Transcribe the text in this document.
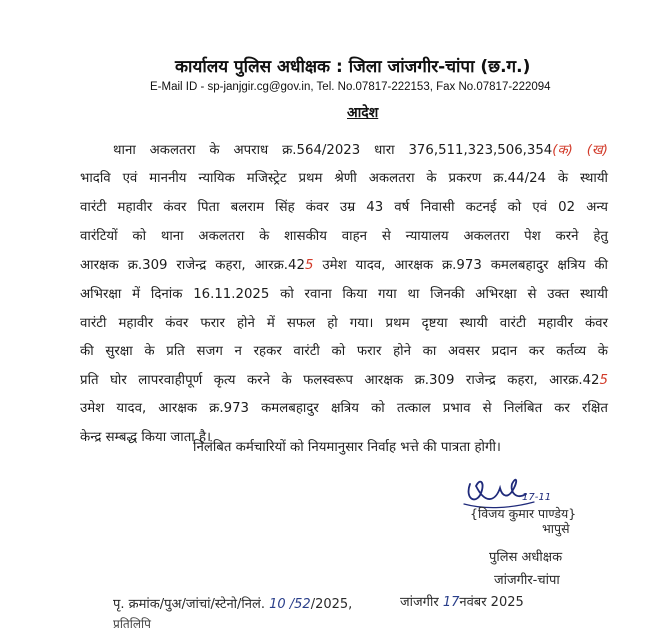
कार्यालय पुलिस अधीक्षक : जिला जांजगीर-चांपा (छ.ग.)
E-Mail ID - sp-janjgir.cg@gov.in, Tel. No.07817-222153, Fax No.07817-222094
आदेश
थाना अकलतरा के अपराध क्र.564/2023 धारा 376,511,323,506,354(क) (ख)
भादवि एवं माननीय न्यायिक मजिस्ट्रेट प्रथम श्रेणी अकलतरा के प्रकरण क्र.44/24 के स्थायी
वारंटी महावीर कंवर पिता बलराम सिंह कंवर उम्र 43 वर्ष निवासी कटनई को एवं 02 अन्य
वारंटियों को थाना अकलतरा के शासकीय वाहन से न्यायालय अकलतरा पेश करने हेतु
आरक्षक क्र.309 राजेन्द्र कहरा, आरक्र.425 उमेश यादव, आरक्षक क्र.973 कमलबहादुर क्षत्रिय की
अभिरक्षा में दिनांक 16.11.2025 को रवाना किया गया था जिनकी अभिरक्षा से उक्त स्थायी
वारंटी महावीर कंवर फरार होने में सफल हो गया। प्रथम दृष्टया स्थायी वारंटी महावीर कंवर
की सुरक्षा के प्रति सजग न रहकर वारंटी को फरार होने का अवसर प्रदान कर कर्तव्य के
प्रति घोर लापरवाहीपूर्ण कृत्य करने के फलस्वरूप आरक्षक क्र.309 राजेन्द्र कहरा, आरक्र.425
उमेश यादव, आरक्षक क्र.973 कमलबहादुर क्षत्रिय को तत्काल प्रभाव से निलंबित कर रक्षित
केन्द्र सम्बद्ध किया जाता है।
निलंबित कर्मचारियों को नियमानुसार निर्वाह भत्ते की पात्रता होगी।
17-11
{विजय कुमार पाण्डेय}
भापुसे
पुलिस अधीक्षक
जांजगीर-चांपा
पृ. क्रमांक/पुअ/जांचां/स्टेनो/निलं. 10 /52/2025,	जांजगीर 17नवंबर 2025
प्रतिलिपि
